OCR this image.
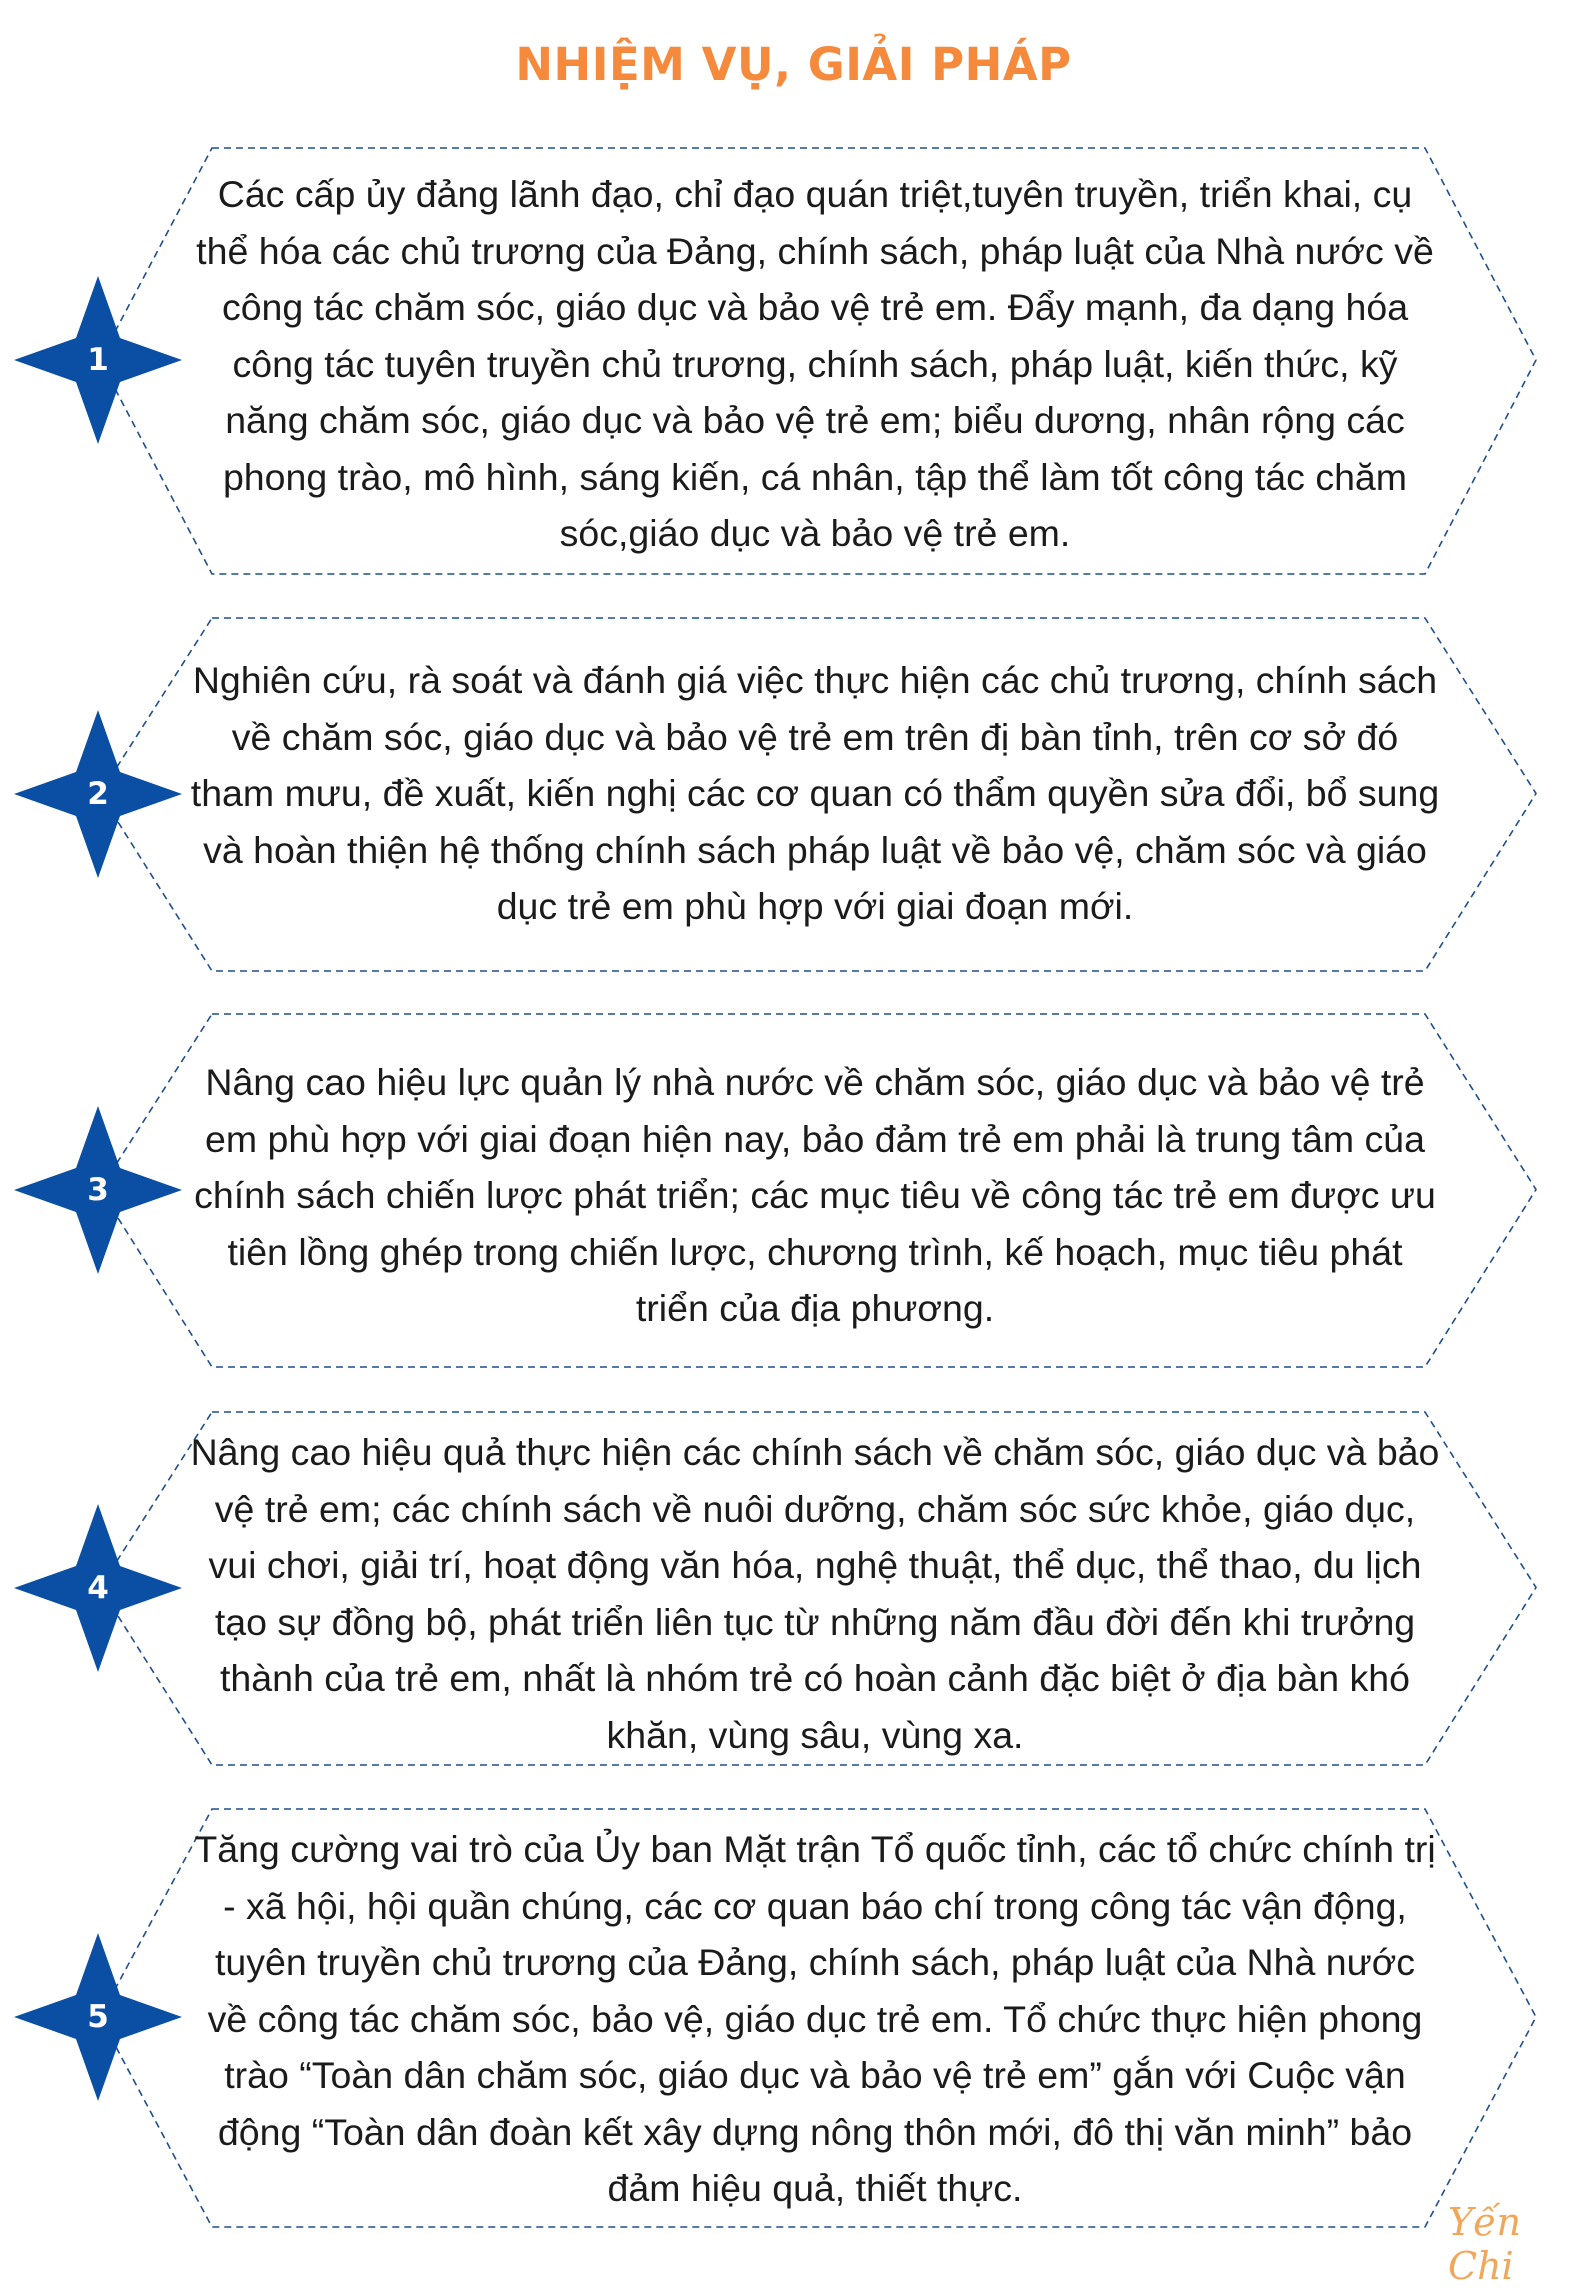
NHIỆM VỤ, GIẢI PHÁP
1
Các cấp ủy đảng lãnh đạo, chỉ đạo quán triệt,tuyên truyền, triển khai, cụ thể hóa các chủ trương của Đảng, chính sách, pháp luật của Nhà nước về công tác chăm sóc, giáo dục và bảo vệ trẻ em. Đẩy mạnh, đa dạng hóa công tác tuyên truyền chủ trương, chính sách, pháp luật, kiến thức, kỹ năng chăm sóc, giáo dục và bảo vệ trẻ em; biểu dương, nhân rộng các phong trào, mô hình, sáng kiến, cá nhân, tập thể làm tốt công tác chăm sóc,giáo dục và bảo vệ trẻ em.
2
Nghiên cứu, rà soát và đánh giá việc thực hiện các chủ trương, chính sách về chăm sóc, giáo dục và bảo vệ trẻ em trên đị bàn tỉnh, trên cơ sở đó tham mưu, đề xuất, kiến nghị các cơ quan có thẩm quyền sửa đổi, bổ sung và hoàn thiện hệ thống chính sách pháp luật về bảo vệ, chăm sóc và giáo dục trẻ em phù hợp với giai đoạn mới.
3
Nâng cao hiệu lực quản lý nhà nước về chăm sóc, giáo dục và bảo vệ trẻ em phù hợp với giai đoạn hiện nay, bảo đảm trẻ em phải là trung tâm của chính sách chiến lược phát triển; các mục tiêu về công tác trẻ em được ưu tiên lồng ghép trong chiến lược, chương trình, kế hoạch, mục tiêu phát triển của địa phương.
4
Nâng cao hiệu quả thực hiện các chính sách về chăm sóc, giáo dục và bảo vệ trẻ em; các chính sách về nuôi dưỡng, chăm sóc sức khỏe, giáo dục, vui chơi, giải trí, hoạt động văn hóa, nghệ thuật, thể dục, thể thao, du lịch tạo sự đồng bộ, phát triển liên tục từ những năm đầu đời đến khi trưởng thành của trẻ em, nhất là nhóm trẻ có hoàn cảnh đặc biệt ở địa bàn khó khăn, vùng sâu, vùng xa.
5
Tăng cường vai trò của Ủy ban Mặt trận Tổ quốc tỉnh, các tổ chức chính trị - xã hội, hội quần chúng, các cơ quan báo chí trong công tác vận động, tuyên truyền chủ trương của Đảng, chính sách, pháp luật của Nhà nước về công tác chăm sóc, bảo vệ, giáo dục trẻ em. Tổ chức thực hiện phong trào “Toàn dân chăm sóc, giáo dục và bảo vệ trẻ em” gắn với Cuộc vận động “Toàn dân đoàn kết xây dựng nông thôn mới, đô thị văn minh” bảo đảm hiệu quả, thiết thực.
Yến Chi
